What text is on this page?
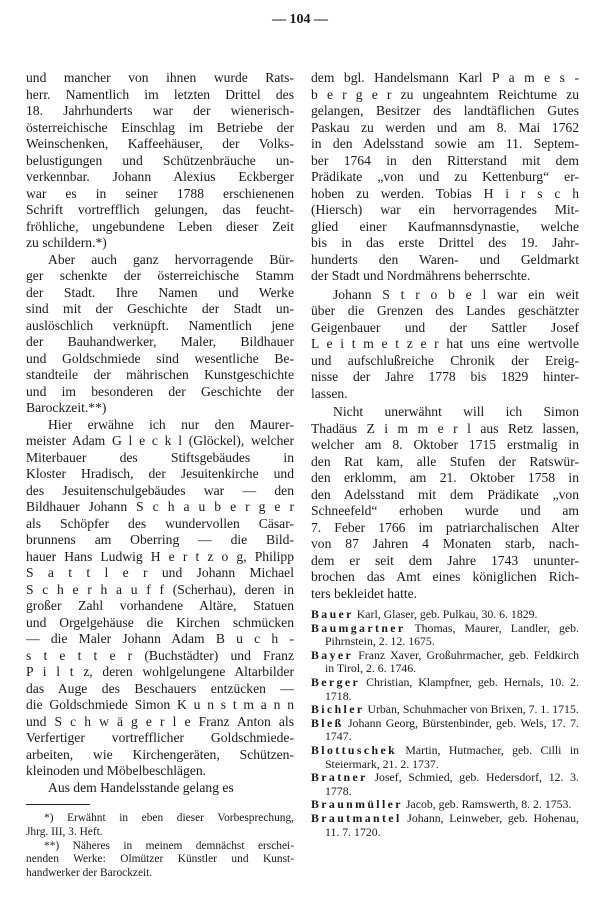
— 104 —
und mancher von ihnen wurde Rats-
herr. Namentlich im letzten Drittel des
18. Jahrhunderts war der wienerisch-
österreichische Einschlag im Betriebe der
Weinschenken, Kaffeehäuser, der Volks-
belustigungen und Schützenbräuche un-
verkennbar. Johann Alexius Eckberger
war es in seiner 1788 erschienenen
Schrift vortrefflich gelungen, das feucht-
fröhliche, ungebundene Leben dieser Zeit
zu schildern.*)
Aber auch ganz hervorragende Bür-
ger schenkte der österreichische Stamm
der Stadt. Ihre Namen und Werke
sind mit der Geschichte der Stadt un-
auslöschlich verknüpft. Namentlich jene
der Bauhandwerker, Maler, Bildhauer
und Goldschmiede sind wesentliche Be-
standteile der mährischen Kunstgeschichte
und im besonderen der Geschichte der
Barockzeit.**)
Hier erwähne ich nur den Maurer-
meister Adam G l e c k l (Glöckel), welcher
Miterbauer des Stiftsgebäudes in
Kloster Hradisch, der Jesuitenkirche und
des Jesuitenschulgebäudes war — den
Bildhauer Johann S c h a u b e r g e r
als Schöpfer des wundervollen Cäsar-
brunnens am Oberring — die Bild-
hauer Hans Ludwig H e r t z o g, Philipp
S a t t l e r und Johann Michael
S c h e r h a u f f (Scherhau), deren in
großer Zahl vorhandene Altäre, Statuen
und Orgelgehäuse die Kirchen schmücken
— die Maler Johann Adam B u c h -
s t e t t e r (Buchstädter) und Franz
P i l t z, deren wohlgelungene Altarbilder
das Auge des Beschauers entzücken —
die Goldschmiede Simon K u n s t m a n n
und S c h w ä g e r l e Franz Anton als
Verfertiger vortrefflicher Goldschmiede-
arbeiten, wie Kirchengeräten, Schützen-
kleinoden und Möbelbeschlägen.
Aus dem Handelsstande gelang es
*) Erwähnt in eben dieser Vorbesprechung,
Jhrg. III, 3. Heft.
**) Näheres in meinem demnächst erschei-
nenden Werke: Olmützer Künstler und Kunst-
handwerker der Barockzeit.
dem bgl. Handelsmann Karl P a m e s -
b e r g e r zu ungeahntem Reichtume zu
gelangen, Besitzer des landtäflichen Gutes
Paskau zu werden und am 8. Mai 1762
in den Adelsstand sowie am 11. Septem-
ber 1764 in den Ritterstand mit dem
Prädikate „von und zu Kettenburg“ er-
hoben zu werden. Tobias H i r s c h
(Hiersch) war ein hervorragendes Mit-
glied einer Kaufmannsdynastie, welche
bis in das erste Drittel des 19. Jahr-
hunderts den Waren- und Geldmarkt
der Stadt und Nordmährens beherrschte.
Johann S t r o b e l war ein weit
über die Grenzen des Landes geschätzter
Geigenbauer und der Sattler Josef
L e i t m e t z e r hat uns eine wertvolle
und aufschlußreiche Chronik der Ereig-
nisse der Jahre 1778 bis 1829 hinter-
lassen.
Nicht unerwähnt will ich Simon
Thadäus Z i m m e r l aus Retz lassen,
welcher am 8. Oktober 1715 erstmalig in
den Rat kam, alle Stufen der Ratswür-
den erklomm, am 21. Oktober 1758 in
den Adelsstand mit dem Prädikate „von
Schneefeld“ erhoben wurde und am
7. Feber 1766 im patriarchalischen Alter
von 87 Jahren 4 Monaten starb, nach-
dem er seit dem Jahre 1743 ununter-
brochen das Amt eines königlichen Rich-
ters bekleidet hatte.
Bauer Karl, Glaser, geb. Pulkau, 30. 6. 1829.
Baumgartner Thomas, Maurer, Landler, geb. Pihrnstein, 2. 12. 1675.
Bayer Franz Xaver, Großuhrmacher, geb. Feldkirch in Tirol, 2. 6. 1746.
Berger Christian, Klampfner, geb. Hernals, 10. 2. 1718.
Bichler Urban, Schuhmacher von Brixen, 7. 1. 1715.
Bleß Johann Georg, Bürstenbinder, geb. Wels, 17. 7. 1747.
Blottuschek Martin, Hutmacher, geb. Cilli in Steiermark, 21. 2. 1737.
Bratner Josef, Schmied, geb. Hedersdorf, 12. 3. 1778.
Braunmüller Jacob, geb. Ramswerth, 8. 2. 1753.
Brautmantel Johann, Leinweber, geb. Hohenau, 11. 7. 1720.
